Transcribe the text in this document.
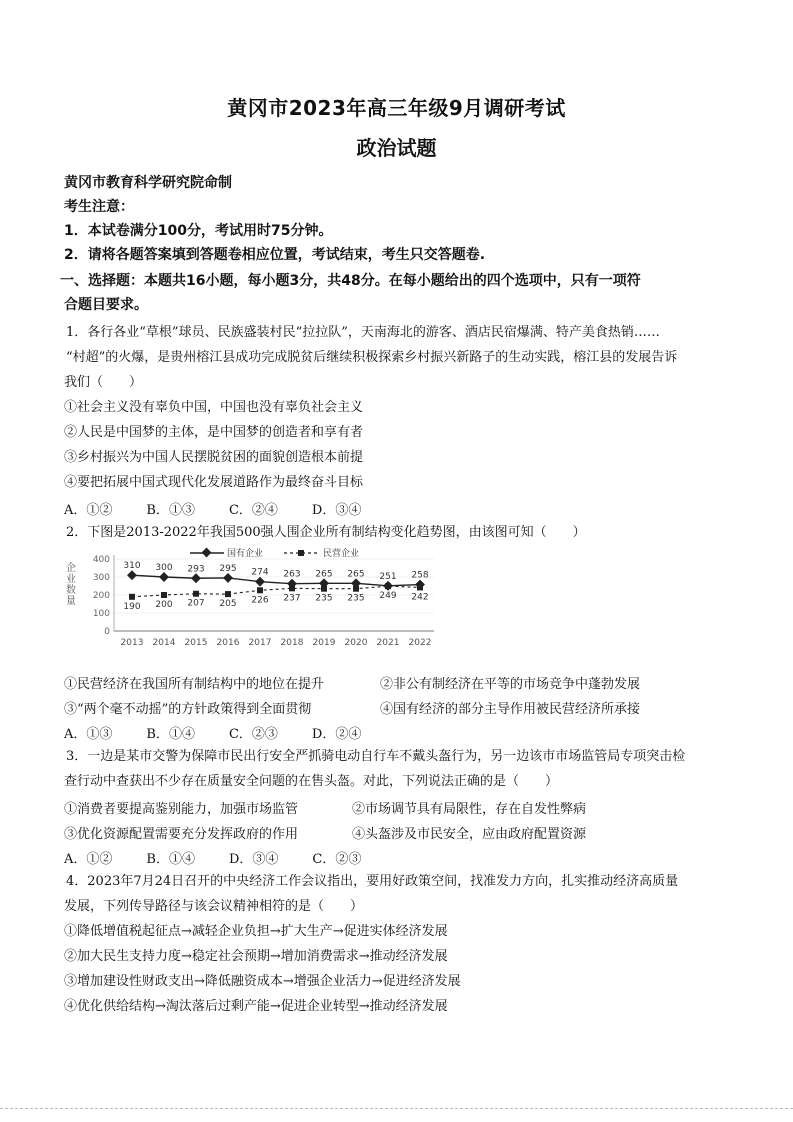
黄冈市2023年高三年级9月调研考试
政治试题
黄冈市教育科学研究院命制
考生注意：
1．本试卷满分100分，考试用时75分钟。
2．请将各题答案填到答题卷相应位置，考试结束，考生只交答题卷.
一、选择题：本题共16小题，每小题3分，共48分。在每小题给出的四个选项中，只有一项符
合题目要求。
1．各行各业“草根”球员、民族盛装村民“拉拉队”，天南海北的游客、酒店民宿爆满、特产美食热销……
“村超”的火爆，是贵州榕江县成功完成脱贫后继续积极探索乡村振兴新路子的生动实践，榕江县的发展告诉
我们（　　）
①社会主义没有辜负中国，中国也没有辜负社会主义
②人民是中国梦的主体，是中国梦的创造者和享有者
③乡村振兴为中国人民摆脱贫困的面貌创造根本前提
④要把拓展中国式现代化发展道路作为最终奋斗目标
A．①②	B．①③	C．②④	D．③④
2．下图是2013-2022年我国500强人围企业所有制结构变化趋势图，由该图可知（　　）
企
业
数
量
0
100
200
300
400
2013 2014 2015 2016 2017 2018 2019 2020 2021 2022
国有企业	民营企业
310 300 293 295 274 263 265 265 251 258
190 200 207 205 226 237 235 235 249 242
①民营经济在我国所有制结构中的地位在提升	②非公有制经济在平等的市场竞争中蓬勃发展
③“两个毫不动摇”的方针政策得到全面贯彻	④国有经济的部分主导作用被民营经济所承接
A．①③	B．①④	C．②③	D．②④
3．一边是某市交警为保障市民出行安全严抓骑电动自行车不戴头盔行为，另一边该市市场监管局专项突击检
查行动中查获出不少存在质量安全问题的在售头盔。对此，下列说法正确的是（　　）
①消费者要提高鉴别能力，加强市场监管	②市场调节具有局限性，存在自发性弊病
③优化资源配置需要充分发挥政府的作用	④头盔涉及市民安全，应由政府配置资源
A．①②	B．①④	D．③④	C．②③
4．2023年7月24日召开的中央经济工作会议指出，要用好政策空间，找准发力方向，扎实推动经济高质量
发展，下列传导路径与该会议精神相符的是（　　）
①降低增值税起征点→减轻企业负担→扩大生产→促进实体经济发展
②加大民生支持力度→稳定社会预期→增加消费需求→推动经济发展
③增加建设性财政支出→降低融资成本→增强企业活力→促进经济发展
④优化供给结构→淘汰落后过剩产能→促进企业转型→推动经济发展
